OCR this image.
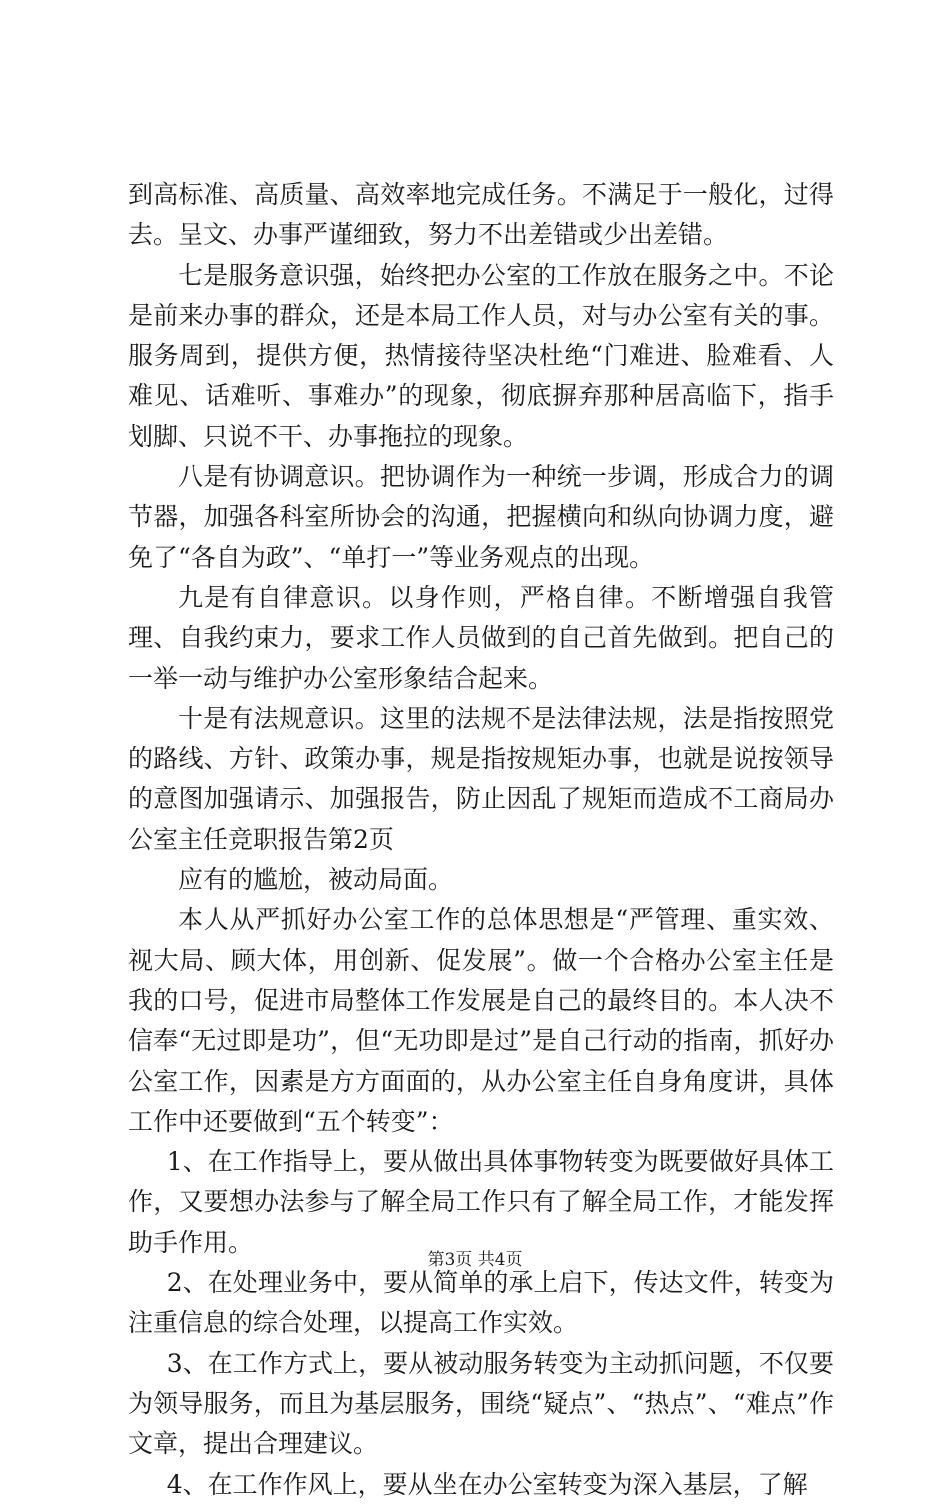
到高标准、高质量、高效率地完成任务。不满足于一般化，过得去。呈文、办事严谨细致，努力不出差错或少出差错。

七是服务意识强，始终把办公室的工作放在服务之中。不论是前来办事的群众，还是本局工作人员，对与办公室有关的事。服务周到，提供方便，热情接待坚决杜绝“门难进、脸难看、人难见、话难听、事难办”的现象，彻底摒弃那种居高临下，指手划脚、只说不干、办事拖拉的现象。

八是有协调意识。把协调作为一种统一步调，形成合力的调节器，加强各科室所协会的沟通，把握横向和纵向协调力度，避免了“各自为政”、“单打一”等业务观点的出现。

九是有自律意识。以身作则，严格自律。不断增强自我管理、自我约束力，要求工作人员做到的自己首先做到。把自己的一举一动与维护办公室形象结合起来。

十是有法规意识。这里的法规不是法律法规，法是指按照党的路线、方针、政策办事，规是指按规矩办事，也就是说按领导的意图加强请示、加强报告，防止因乱了规矩而造成不工商局办公室主任竞职报告第2页

应有的尴尬，被动局面。

本人从严抓好办公室工作的总体思想是“严管理、重实效、视大局、顾大体，用创新、促发展”。做一个合格办公室主任是我的口号，促进市局整体工作发展是自己的最终目的。本人决不信奉“无过即是功”，但“无功即是过”是自己行动的指南，抓好办公室工作，因素是方方面面的，从办公室主任自身角度讲，具体工作中还要做到“五个转变”：

1、在工作指导上，要从做出具体事物转变为既要做好具体工作，又要想办法参与了解全局工作只有了解全局工作，才能发挥助手作用。

2、在处理业务中，要从简单的承上启下，传达文件，转变为注重信息的综合处理，以提高工作实效。

3、在工作方式上，要从被动服务转变为主动抓问题，不仅要为领导服务，而且为基层服务，围绕“疑点”、“热点”、“难点”作文章，提出合理建议。

4、在工作作风上，要从坐在办公室转变为深入基层，了解

第3页 共4页
